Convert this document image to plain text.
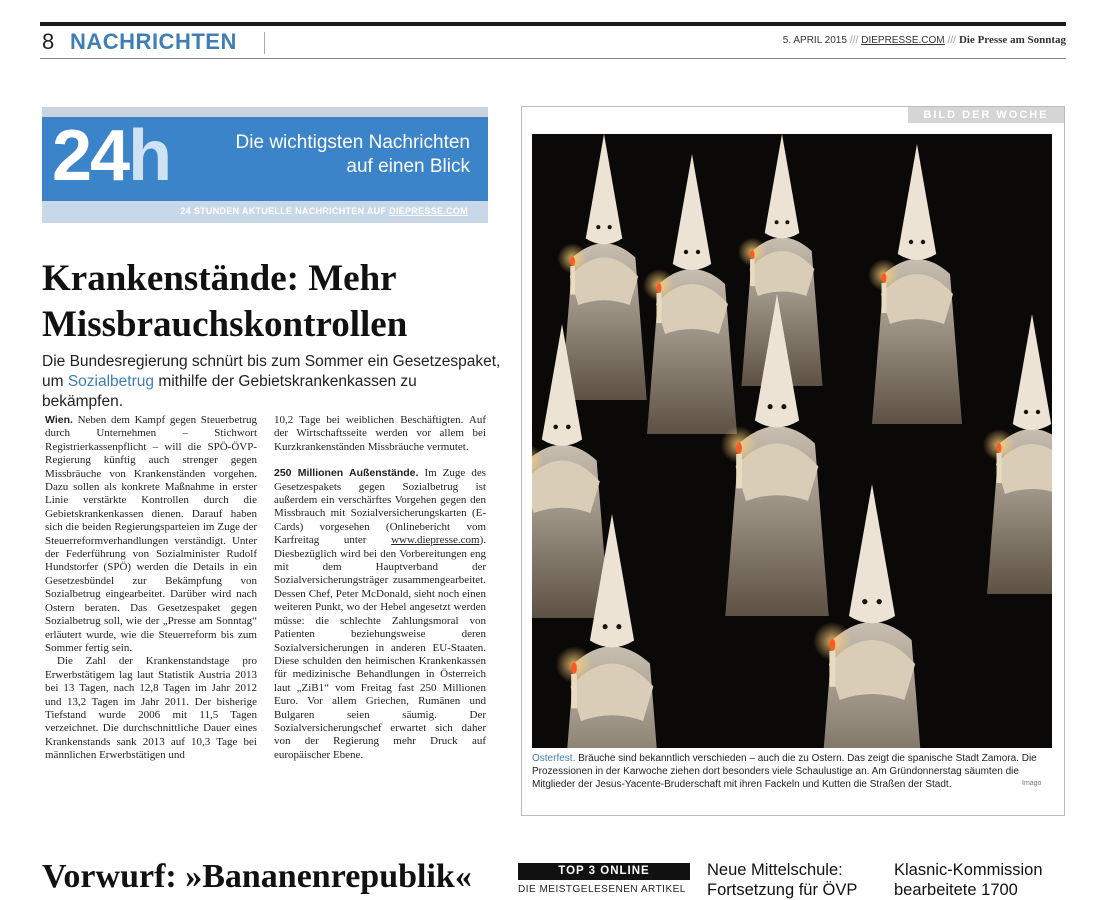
8 NACHRICHTEN	5. APRIL 2015 /// DIEPRESSE.COM /// Die Presse am Sonntag
24h	Die wichtigsten Nachrichten
auf einen Blick
24 STUNDEN AKTUELLE NACHRICHTEN AUF DIEPRESSE.COM
Krankenstände: Mehr
Missbrauchskontrollen
Die Bundesregierung schnürt bis zum Sommer ein Gesetzespaket, um Sozialbetrug mithilfe der Gebietskrankenkassen zu bekämpfen.

Wien. Neben dem Kampf gegen Steuerbetrug durch Unternehmen – Stichwort Registrierkassenpflicht – will die SPÖ-ÖVP-Regierung künftig auch strenger gegen Missbräuche von Krankenständen vorgehen. Dazu sollen als konkrete Maßnahme in erster Linie verstärkte Kontrollen durch die Gebietskrankenkassen dienen. Darauf haben sich die beiden Regierungsparteien im Zuge der Steuerreformverhandlungen verständigt. Unter der Federführung von Sozialminister Rudolf Hundstorfer (SPÖ) werden die Details in ein Gesetzesbündel zur Bekämpfung von Sozialbetrug eingearbeitet. Darüber wird nach Ostern beraten. Das Gesetzespaket gegen Sozialbetrug soll, wie der „Presse am Sonntag“ erläutert wurde, wie die Steuerreform bis zum Sommer fertig sein.

Die Zahl der Krankenstandstage pro Erwerbstätigem lag laut Statistik Austria 2013 bei 13 Tagen, nach 12,8 Tagen im Jahr 2012 und 13,2 Tagen im Jahr 2011. Der bisherige Tiefstand wurde 2006 mit 11,5 Tagen verzeichnet. Die durchschnittliche Dauer eines Krankenstands sank 2013 auf 10,3 Tage bei männlichen Erwerbstätigen und

10,2 Tage bei weiblichen Beschäftigten. Auf der Wirtschaftsseite werden vor allem bei Kurzkrankenständen Missbräuche vermutet.

250 Millionen Außenstände. Im Zuge des Gesetzespakets gegen Sozialbetrug ist außerdem ein verschärftes Vorgehen gegen den Missbrauch mit Sozialversicherungskarten (E-Cards) vorgesehen (Onlinebericht vom Karfreitag unter www.diepresse.com). Diesbezüglich wird bei den Vorbereitungen eng mit dem Hauptverband der Sozialversicherungsträger zusammengearbeitet. Dessen Chef, Peter McDonald, sieht noch einen weiteren Punkt, wo der Hebel angesetzt werden müsse: die schlechte Zahlungsmoral von Patienten beziehungsweise deren Sozialversicherungen in anderen EU-Staaten. Diese schulden den heimischen Krankenkassen für medizinische Behandlungen in Österreich laut „ZiB1“ vom Freitag fast 250 Millionen Euro. Vor allem Griechen, Rumänen und Bulgaren seien säumig. Der Sozialversicherungschef erwartet sich daher von der Regierung mehr Druck auf europäischer Ebene.

BILD DER WOCHE
Osterfest. Bräuche sind bekanntlich verschieden – auch die zu Ostern. Das zeigt die spanische Stadt Zamora. Die Prozessionen in der Karwoche ziehen dort besonders viele Schaulustige an. Am Gründonnerstag säumten die Mitglieder der Jesus-Yacente-Bruderschaft mit ihren Fackeln und Kutten die Straßen der Stadt.	Imago
Vorwurf: »Bananenrepublik«	TOP 3 ONLINE
DIE MEISTGELESENEN ARTIKEL
Neue Mittelschule:
Fortsetzung für ÖVP
Klasnic-Kommission
bearbeitete 1700
